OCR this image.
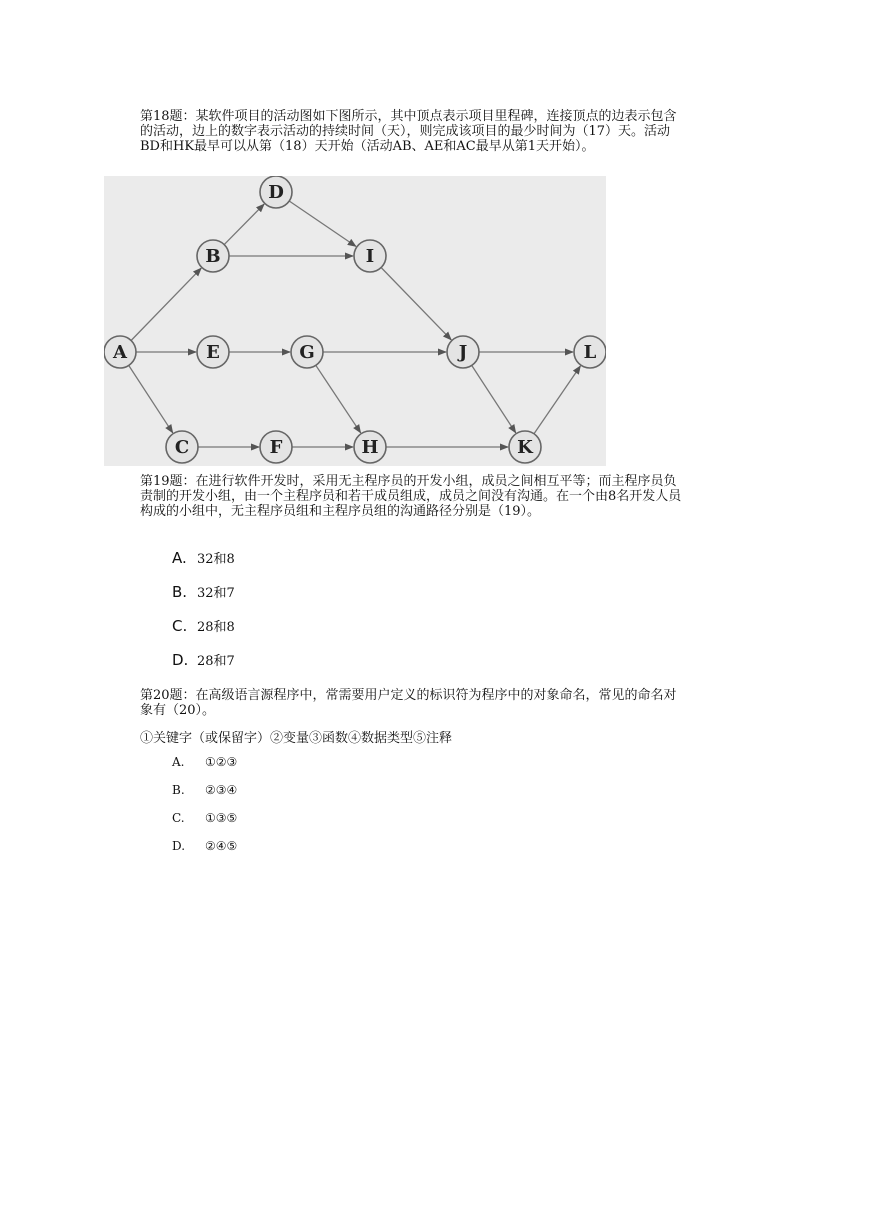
第18题：某软件项目的活动图如下图所示，其中顶点表示项目里程碑，连接顶点的边表示包含的活动，边上的数字表示活动的持续时间（天），则完成该项目的最少时间为（17）天。活动BD和HK最早可以从第（18）天开始（活动AB、AE和AC最早从第1天开始）。

A
B
C
D
E
F
G
H
I
J
K
L

第19题：在进行软件开发时，采用无主程序员的开发小组，成员之间相互平等；而主程序员负 责制的开发小组，由一个主程序员和若干成员组成，成员之间没有沟通。在一个由8名开发人员构成的小组中，无主程序员组和主程序员组的沟通路径分别是（19）。

A. 32和8
B. 32和7
C. 28和8
D. 28和7

第20题：在高级语言源程序中，常需要用户定义的标识符为程序中的对象命名，常见的命名对象有（20）。

①关键字（或保留字）②变量③函数④数据类型⑤注释
A.	①②③
B.	②③④
C.	①③⑤
D.	②④⑤
